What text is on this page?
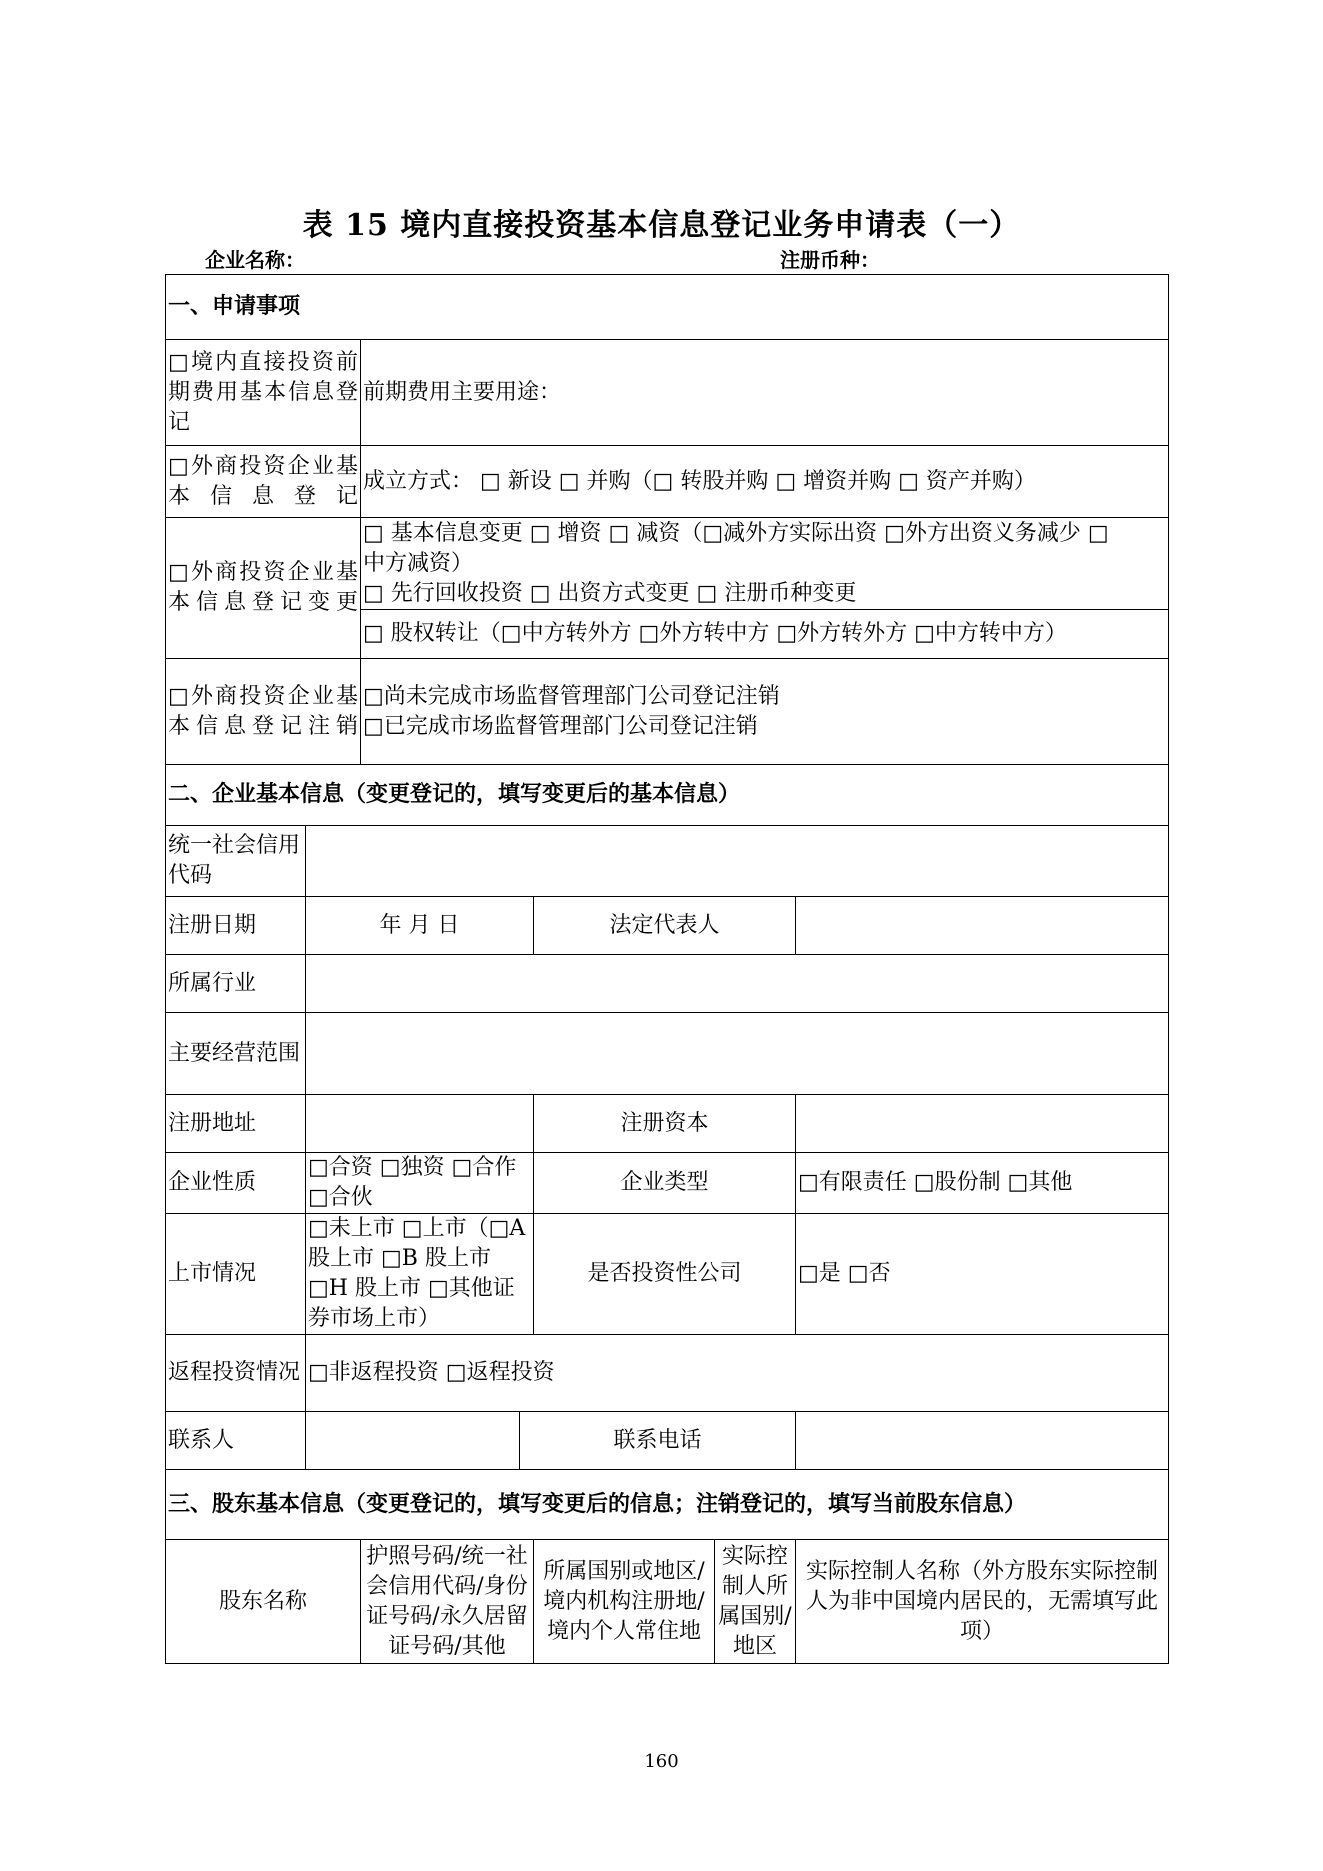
表 15 境内直接投资基本信息登记业务申请表（一）
企业名称：	注册币种：
一、申请事项						
□境内直接投资前期费用基本信息登记		前期费用主要用途：				
□外商投资企业基本信息登记		成立方式： □ 新设 □ 并购（□ 转股并购 □ 增资并购 □ 资产并购）				
□外商投资企业基本信息登记变更		□ 基本信息变更 □ 增资 □ 减资（□减外方实际出资 □外方出资义务减少 □
中方减资）
□ 先行回收投资 □ 出资方式变更 □ 注册币种变更				

		□ 股权转让（□中方转外方 □外方转中方 □外方转外方 □中方转中方）				
□外商投资企业基本信息登记注销		□尚未完成市场监督管理部门公司登记注销
□已完成市场监督管理部门公司登记注销				

二、企业基本信息（变更登记的，填写变更后的基本信息）						
统一社会信用代码						
注册日期	年 月 日			法定代表人		
所属行业						
主要经营范围						
注册地址				注册资本		
企业性质	□合资 □独资 □合作 □合伙			企业类型		□有限责任 □股份制 □其他
上市情况	□未上市 □上市（□A 股上市 □B 股上市 □H 股上市 □其他证券市场上市）			是否投资性公司		□是 □否
返程投资情况	□非返程投资 □返程投资					
联系人			联系电话			
三、股东基本信息（变更登记的，填写变更后的信息；注销登记的，填写当前股东信息）						
股东名称		护照号码/统一社会信用代码/身份证号码/永久居留证号码/其他		所属国别或地区/境内机构注册地/境内个人常住地	实际控制人所属国别/地区	实际控制人名称（外方股东实际控制人为非中国境内居民的，无需填写此项）
160
